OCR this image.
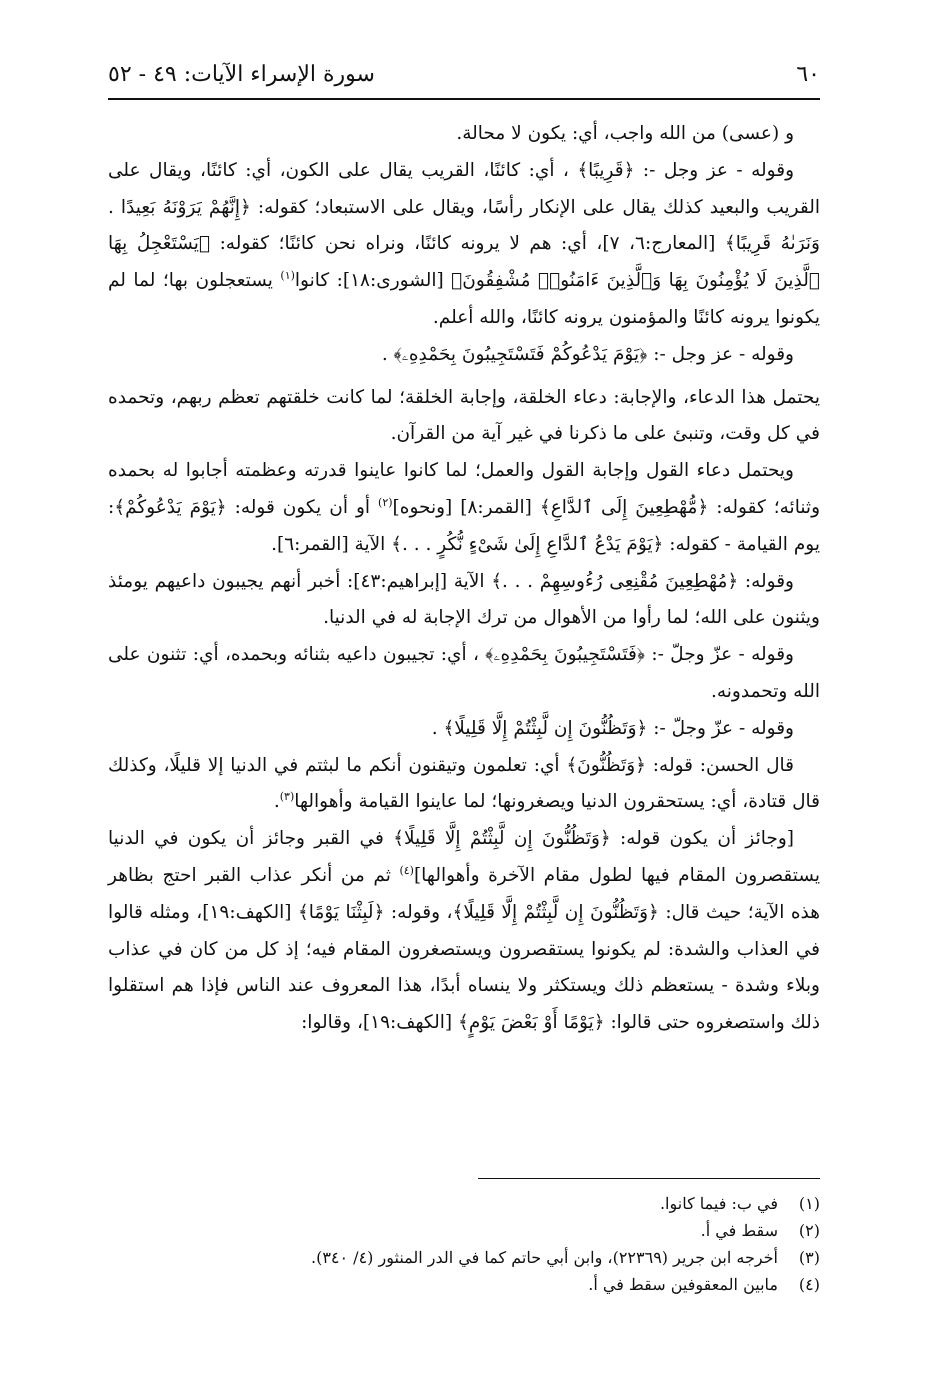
٦٠
سورة الإسراء الآيات: ٤٩ - ٥٢

و (عسى) من الله واجب، أي: يكون لا محالة.

وقوله - عز وجل -: ﴿قَرِيبًا﴾ ، أي: كائنًا، القريب يقال على الكون، أي: كائنًا، ويقال على القريب والبعيد كذلك يقال على الإنكار رأسًا، ويقال على الاستبعاد؛ كقوله: ﴿إِنَّهُمْ يَرَوْنَهُ بَعِيدًا . وَنَرَىٰهُ قَرِيبًا﴾ [المعارج:٦، ٧]، أي: هم لا يرونه كائنًا، ونراه نحن كائنًا؛ كقوله: ﴿يَسْتَعْجِلُ بِهَا ٱلَّذِينَ لَا يُؤْمِنُونَ بِهَا وَٱلَّذِينَ ءَامَنُوا۟ مُشْفِقُونَ﴾ [الشورى:١٨]: كانوا$^{(١)}$ يستعجلون بها؛ لما لم يكونوا يرونه كائنًا والمؤمنون يرونه كائنًا، والله أعلم.

وقوله - عز وجل -: ﴿يَوْمَ يَدْعُوكُمْ فَتَسْتَجِيبُونَ بِحَمْدِهِۦ﴾ .

يحتمل هذا الدعاء، والإجابة: دعاء الخلقة، وإجابة الخلقة؛ لما كانت خلقتهم تعظم ربهم، وتحمده في كل وقت، وتنبئ على ما ذكرنا في غير آية من القرآن.

ويحتمل دعاء القول وإجابة القول والعمل؛ لما كانوا عاينوا قدرته وعظمته أجابوا له بحمده وثنائه؛ كقوله: ﴿مُّهْطِعِينَ إِلَى ٱلدَّاعِ﴾ [القمر:٨] [ونحوه]$^{(٢)}$ أو أن يكون قوله: ﴿يَوْمَ يَدْعُوكُمْ﴾: يوم القيامة - كقوله: ﴿يَوْمَ يَدْعُ ٱلدَّاعِ إِلَىٰ شَىْءٍ نُّكُرٍ . . .﴾ الآية [القمر:٦].

وقوله: ﴿مُهْطِعِينَ مُقْنِعِى رُءُوسِهِمْ . . .﴾ الآية [إبراهيم:٤٣]: أخبر أنهم يجيبون داعيهم يومئذ ويثنون على الله؛ لما رأوا من الأهوال من ترك الإجابة له في الدنيا.

وقوله - عزّ وجلّ -: ﴿فَتَسْتَجِيبُونَ بِحَمْدِهِۦ﴾ ، أي: تجيبون داعيه بثنائه وبحمده، أي: تثنون على الله وتحمدونه.

وقوله - عزّ وجلّ -: ﴿وَتَظُنُّونَ إِن لَّبِثْتُمْ إِلَّا قَلِيلًا﴾ .

قال الحسن: قوله: ﴿وَتَظُنُّونَ﴾ أي: تعلمون وتيقنون أنكم ما لبثتم في الدنيا إلا قليلًا، وكذلك قال قتادة، أي: يستحقرون الدنيا ويصغرونها؛ لما عاينوا القيامة وأهوالها$^{(٣)}$.

[وجائز أن يكون قوله: ﴿وَتَظُنُّونَ إِن لَّبِثْتُمْ إِلَّا قَلِيلًا﴾ في القبر وجائز أن يكون في الدنيا يستقصرون المقام فيها لطول مقام الآخرة وأهوالها]$^{(٤)}$ ثم من أنكر عذاب القبر احتج بظاهر هذه الآية؛ حيث قال: ﴿وَتَظُنُّونَ إِن لَّبِثْتُمْ إِلَّا قَلِيلًا﴾، وقوله: ﴿لَبِثْنَا يَوْمًا﴾ [الكهف:١٩]، ومثله قالوا في العذاب والشدة: لم يكونوا يستقصرون ويستصغرون المقام فيه؛ إذ كل من كان في عذاب وبلاء وشدة - يستعظم ذلك ويستكثر ولا ينساه أبدًا، هذا المعروف عند الناس فإذا هم استقلوا ذلك واستصغروه حتى قالوا: ﴿يَوْمًا أَوْ بَعْضَ يَوْمٍ﴾ [الكهف:١٩]، وقالوا:

(١)في ب: فيما كانوا.
(٢)سقط في أ.
(٣)أخرجه ابن جرير (٢٢٣٦٩)، وابن أبي حاتم كما في الدر المنثور (٤/ ٣٤٠).
(٤)مابين المعقوفين سقط في أ.
